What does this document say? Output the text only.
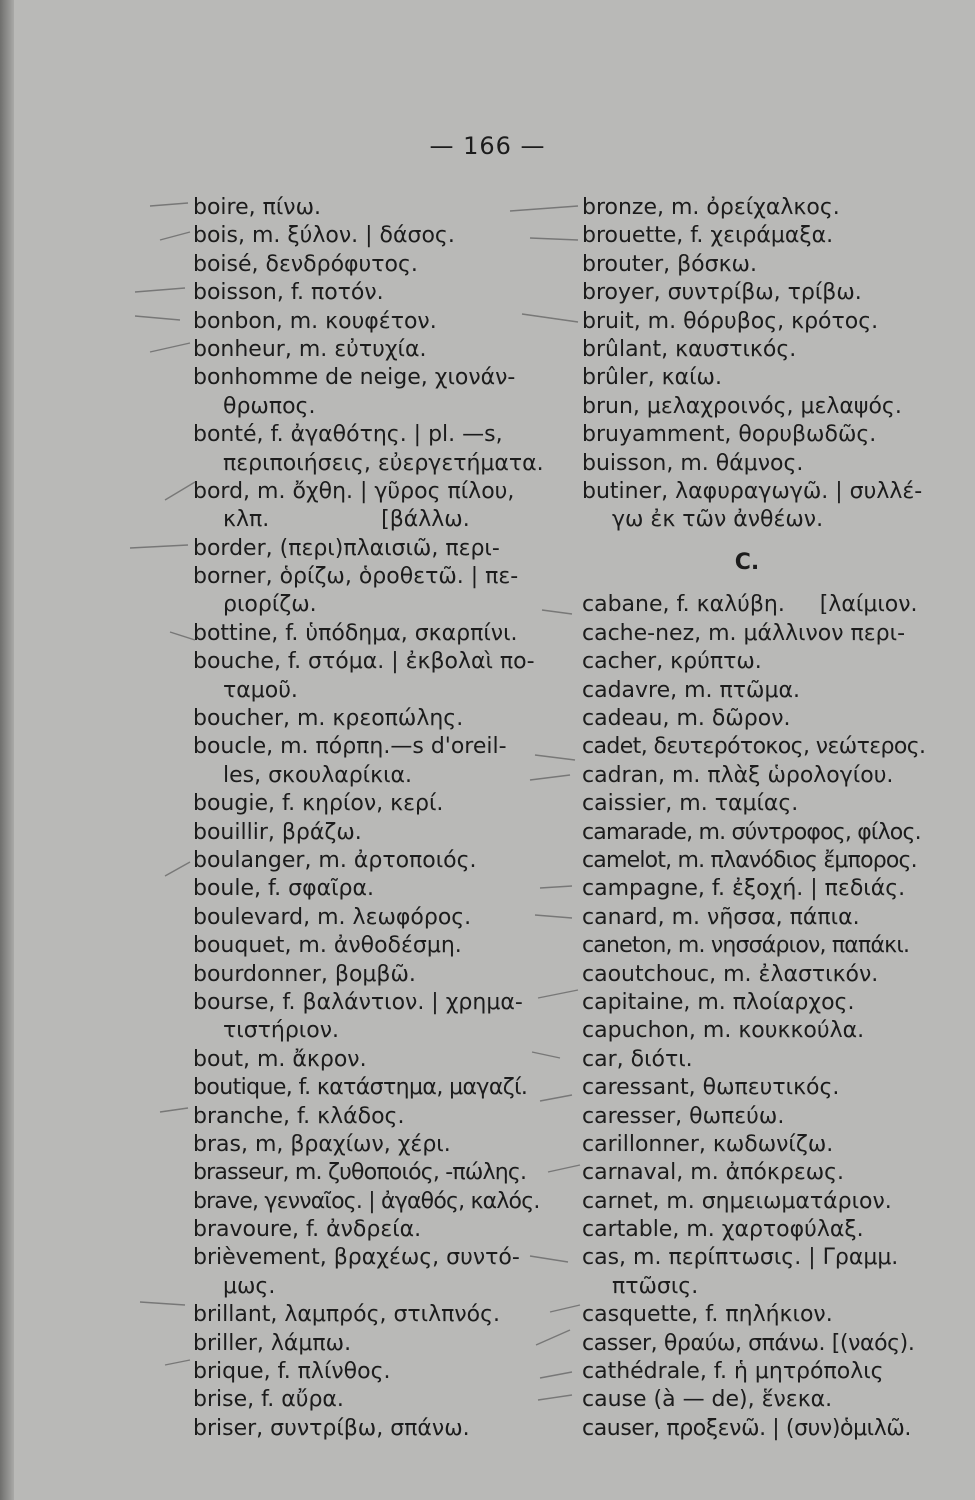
— 166 —
boire, πίνω.
bois, m. ξύλον. | δάσος.
boisé, δενδρόφυτος.
boisson, f. ποτόν.
bonbon, m. κουφέτον.
bonheur, m. εὐτυχία.
bonhomme de neige, χιονάν-
θρωπος.
bonté, f. ἀγαθότης. | pl. —s,
περιποιήσεις, εὐεργετήματα.
bord, m. ὄχθη. | γῦρος πίλου,
κλπ.                [βάλλω.
border, (περι)πλαισιῶ, περι-
borner, ὁρίζω, ὁροθετῶ. | πε-
ριορίζω.
bottine, f. ὑπόδημα, σκαρπίνι.
bouche, f. στόμα. | ἐκβολαὶ πο-
ταμοῦ.
boucher, m. κρεοπώλης.
boucle, m. πόρπη.—s d'oreil-
les, σκουλαρίκια.
bougie, f. κηρίον, κερί.
bouillir, βράζω.
boulanger, m. ἀρτοποιός.
boule, f. σφαῖρα.
boulevard, m. λεωφόρος.
bouquet, m. ἀνθοδέσμη.
bourdonner, βομβῶ.
bourse, f. βαλάντιον. | χρημα-
τιστήριον.
bout, m. ἄκρον.
boutique, f. κατάστημα, μαγαζί.
branche, f. κλάδος.
bras, m, βραχίων, χέρι.
brasseur, m. ζυθοποιός, -πώλης.
brave, γενναῖος. | ἀγαθός, καλός.
bravoure, f. ἀνδρεία.
brièvement, βραχέως, συντό-
μως.
brillant, λαμπρός, στιλπνός.
briller, λάμπω.
brique, f. πλίνθος.
brise, f. αὔρα.
briser, συντρίβω, σπάνω.
bronze, m. ὀρείχαλκος.
brouette, f. χειράμαξα.
brouter, βόσκω.
broyer, συντρίβω, τρίβω.
bruit, m. θόρυβος, κρότος.
brûlant, καυστικός.
brûler, καίω.
brun, μελαχροινός, μελαψός.
bruyamment, θορυβωδῶς.
buisson, m. θάμνος.
butiner, λαφυραγωγῶ. | συλλέ-
γω ἐκ τῶν ἀνθέων.
C.
cabane, f. καλύβη.     [λαίμιον.
cache-nez, m. μάλλινον περι-
cacher, κρύπτω.
cadavre, m. πτῶμα.
cadeau, m. δῶρον.
cadet, δευτερότοκος, νεώτερος.
cadran, m. πλὰξ ὡρολογίου.
caissier, m. ταμίας.
camarade, m. σύντροφος, φίλος.
camelot, m. πλανόδιος ἔμπορος.
campagne, f. ἐξοχή. | πεδιάς.
canard, m. νῆσσα, πάπια.
caneton, m. νησσάριον, παπάκι.
caoutchouc, m. ἐλαστικόν.
capitaine, m. πλοίαρχος.
capuchon, m. κουκκούλα.
car, διότι.
caressant, θωπευτικός.
caresser, θωπεύω.
carillonner, κωδωνίζω.
carnaval, m. ἀπόκρεως.
carnet, m. σημειωματάριον.
cartable, m. χαρτοφύλαξ.
cas, m. περίπτωσις. | Γραμμ.
πτῶσις.
casquette, f. πηλήκιον.
casser, θραύω, σπάνω. [(ναός).
cathédrale, f. ἡ μητρόπολις
cause (à — de), ἕνεκα.
causer, προξενῶ. | (συν)ὁμιλῶ.
